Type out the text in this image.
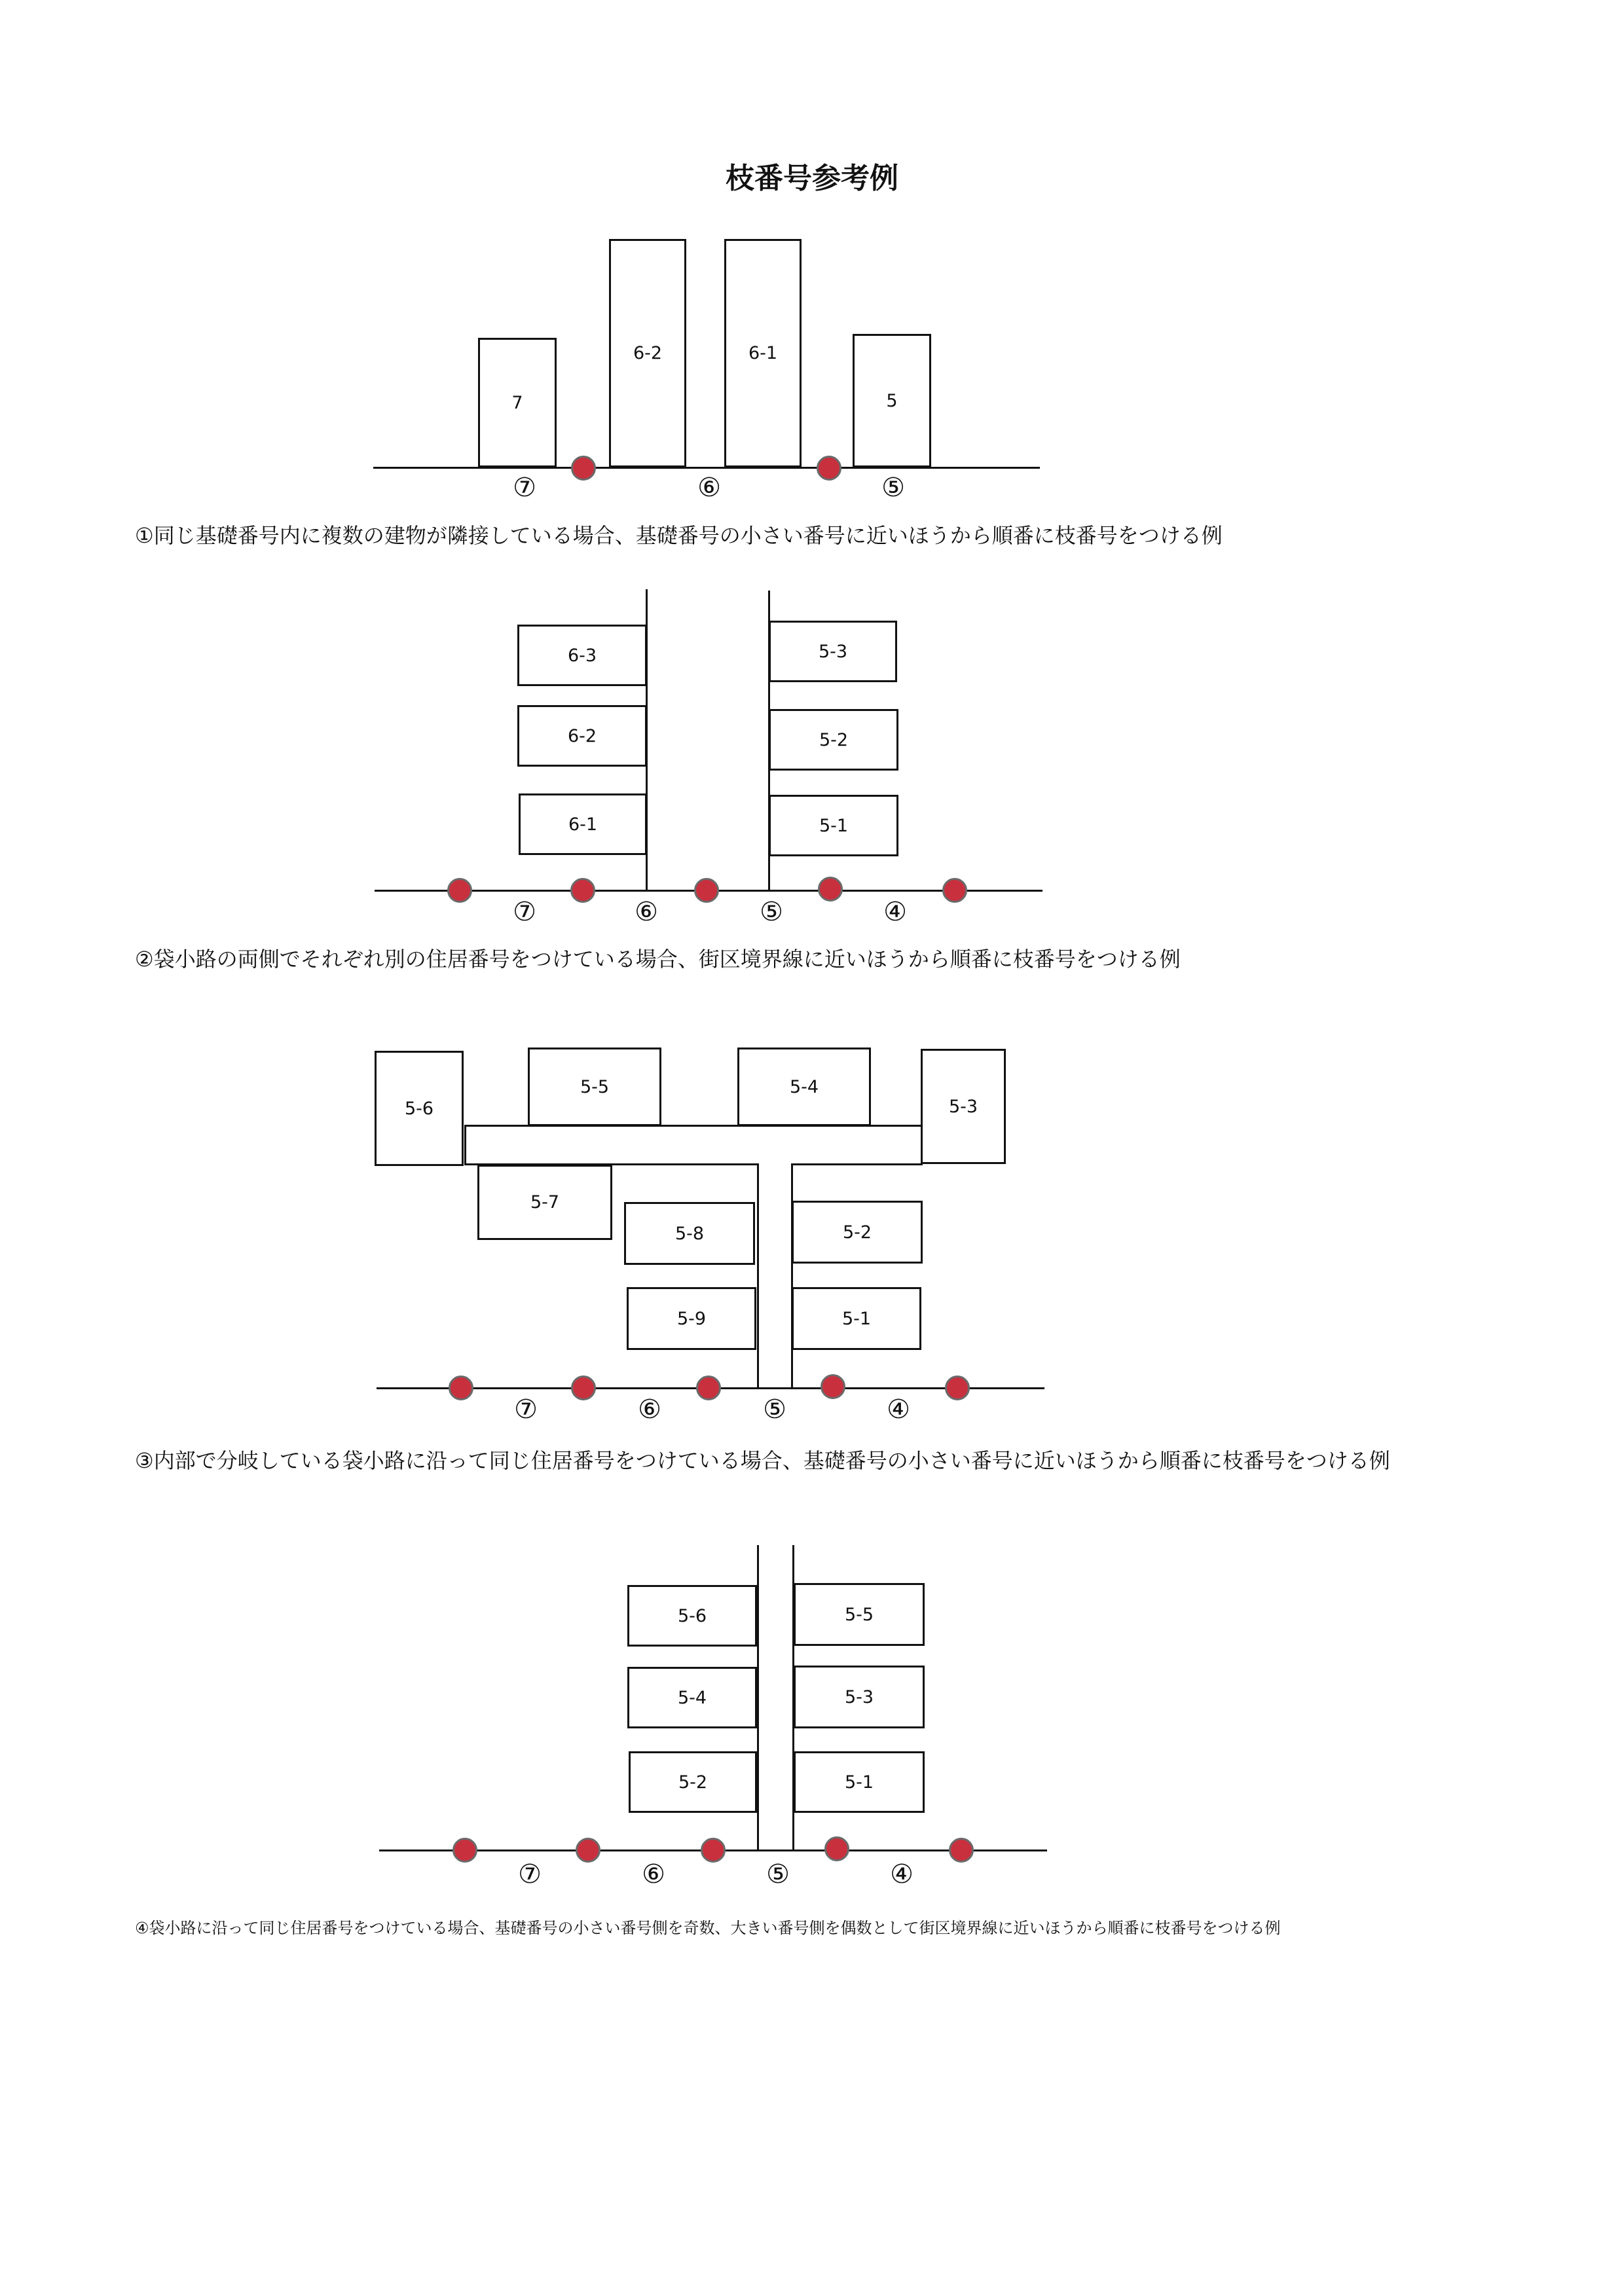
枝番号参考例
7
6-2	6-1
5
⑦	⑥	⑤
①同じ基礎番号内に複数の建物が隣接している場合、基礎番号の小さい番号に近いほうから順番に枝番号をつける例
6-3
6-2
6-1
5-3
5-2
5-1
⑦	⑥	⑤	④
②袋小路の両側でそれぞれ別の住居番号をつけている場合、街区境界線に近いほうから順番に枝番号をつける例
5-6
5-5	5-4
5-3
5-7
5-8	5-2
5-9	5-1
⑦	⑥	⑤	④
③内部で分岐している袋小路に沿って同じ住居番号をつけている場合、基礎番号の小さい番号に近いほうから順番に枝番号をつける例
5-6	5-5
5-4	5-3
5-2	5-1
⑦	⑥	⑤	④
④袋小路に沿って同じ住居番号をつけている場合、基礎番号の小さい番号側を奇数、大きい番号側を偶数として街区境界線に近いほうから順番に枝番号をつける例
